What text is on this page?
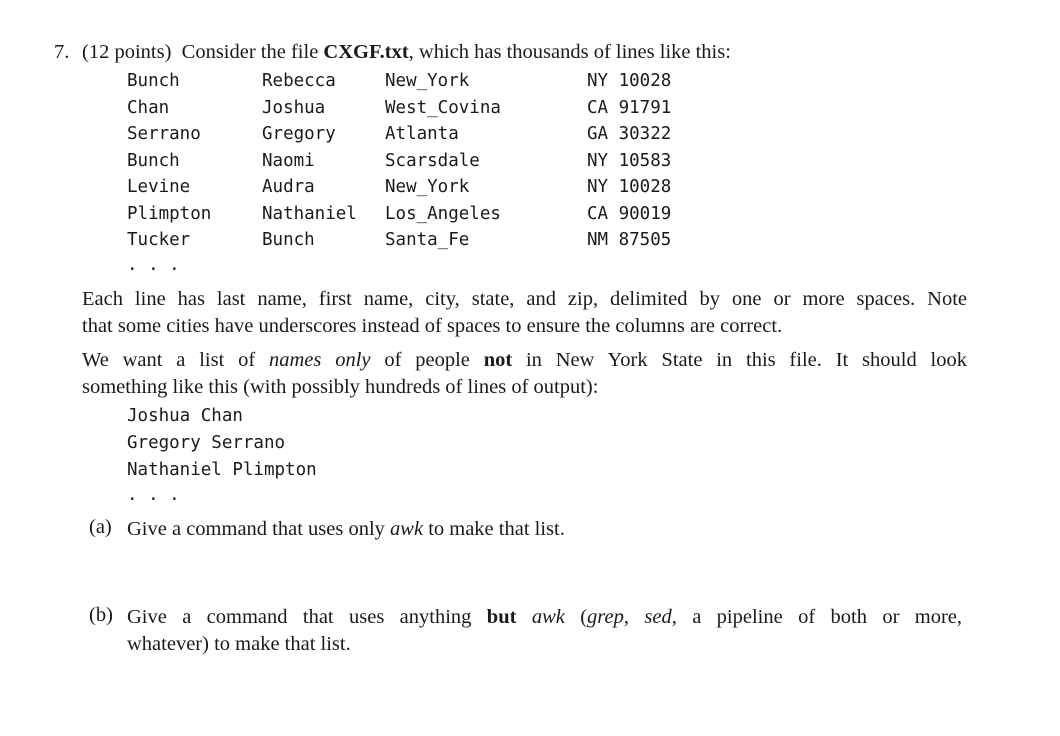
7. (12 points) Consider the file CXGF.txt, which has thousands of lines like this:
Bunch	Rebecca	New_York	NY 10028
Chan	Joshua	West_Covina	CA 91791
Serrano	Gregory	Atlanta	GA 30322
Bunch	Naomi	Scarsdale	NY 10583
Levine	Audra	New_York	NY 10028
Plimpton	Nathaniel Los_Angeles	CA 90019
Tucker	Bunch	Santa_Fe	NM 87505
. . .
Each line has last name, first name, city, state, and zip, delimited by one or more spaces. Note
that some cities have underscores instead of spaces to ensure the columns are correct.
We want a list of names only of people not in New York State in this file. It should look
something like this (with possibly hundreds of lines of output):
Joshua Chan
Gregory Serrano
Nathaniel Plimpton
. . .
(a) Give a command that uses only awk to make that list.
(b) Give a command that uses anything but awk (grep, sed, a pipeline of both or more,
whatever) to make that list.
